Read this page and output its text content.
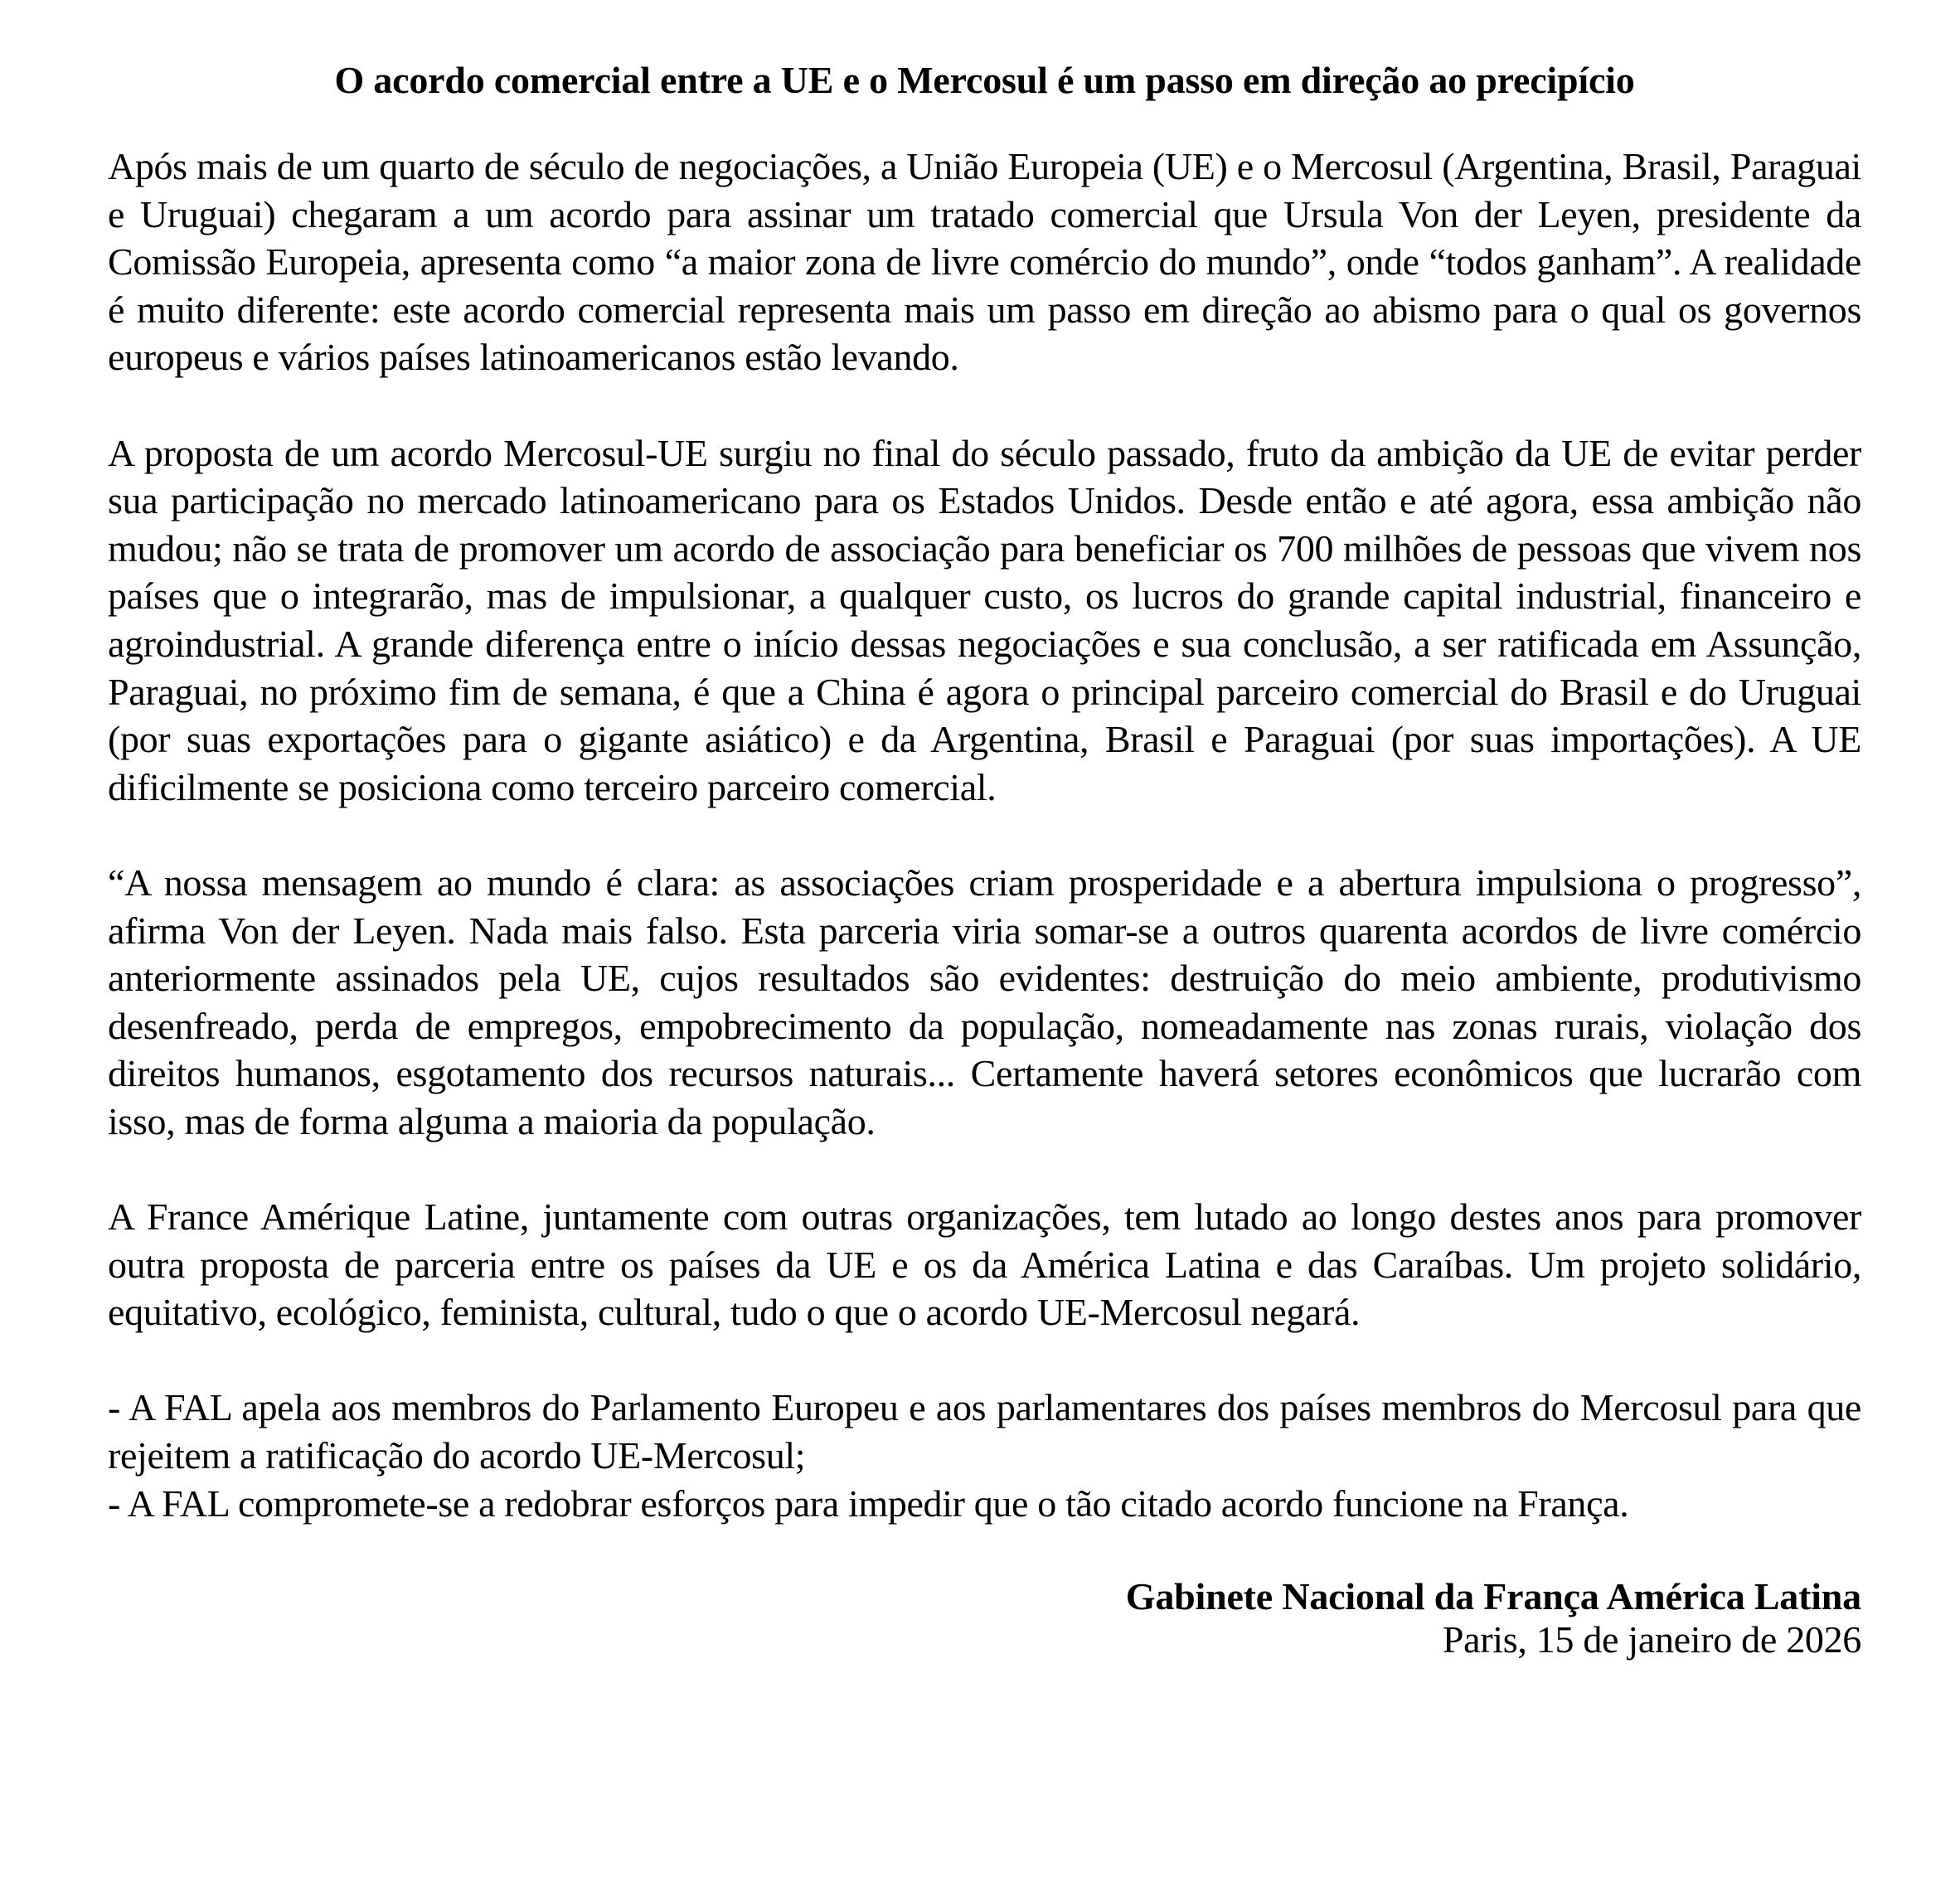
O acordo comercial entre a UE e o Mercosul é um passo em direção ao precipício

Após mais de um quarto de século de negociações, a União Europeia (UE) e o Mercosul (Argentina, Brasil, Paraguai e Uruguai) chegaram a um acordo para assinar um tratado comercial que Ursula Von der Leyen, presidente da Comissão Europeia, apresenta como “a maior zona de livre comércio do mundo”, onde “todos ganham”. A realidade é muito diferente: este acordo comercial representa mais um passo em direção ao abismo para o qual os governos europeus e vários países latinoamericanos estão levando.

A proposta de um acordo Mercosul-UE surgiu no final do século passado, fruto da ambição da UE de evitar perder sua participação no mercado latinoamericano para os Estados Unidos. Desde então e até agora, essa ambição não mudou; não se trata de promover um acordo de associação para beneficiar os 700 milhões de pessoas que vivem nos países que o integrarão, mas de impulsionar, a qualquer custo, os lucros do grande capital industrial, financeiro e agroindustrial. A grande diferença entre o início dessas negociações e sua conclusão, a ser ratificada em Assunção, Paraguai, no próximo fim de semana, é que a China é agora o principal parceiro comercial do Brasil e do Uruguai (por suas exportações para o gigante asiático) e da Argentina, Brasil e Paraguai (por suas importações). A UE dificilmente se posiciona como terceiro parceiro comercial.

“A nossa mensagem ao mundo é clara: as associações criam prosperidade e a abertura impulsiona o progresso”, afirma Von der Leyen. Nada mais falso. Esta parceria viria somar-se a outros quarenta acordos de livre comércio anteriormente assinados pela UE, cujos resultados são evidentes: destruição do meio ambiente, produtivismo desenfreado, perda de empregos, empobrecimento da população, nomeadamente nas zonas rurais, violação dos direitos humanos, esgotamento dos recursos naturais... Certamente haverá setores econômicos que lucrarão com isso, mas de forma alguma a maioria da população.

A France Amérique Latine, juntamente com outras organizações, tem lutado ao longo destes anos para promover outra proposta de parceria entre os países da UE e os da América Latina e das Caraíbas. Um projeto solidário, equitativo, ecológico, feminista, cultural, tudo o que o acordo UE-Mercosul negará.

- A FAL apela aos membros do Parlamento Europeu e aos parlamentares dos países membros do Mercosul para que rejeitem a ratificação do acordo UE-Mercosul;

- A FAL compromete-se a redobrar esforços para impedir que o tão citado acordo funcione na França.

Gabinete Nacional da França América Latina
Paris, 15 de janeiro de 2026
